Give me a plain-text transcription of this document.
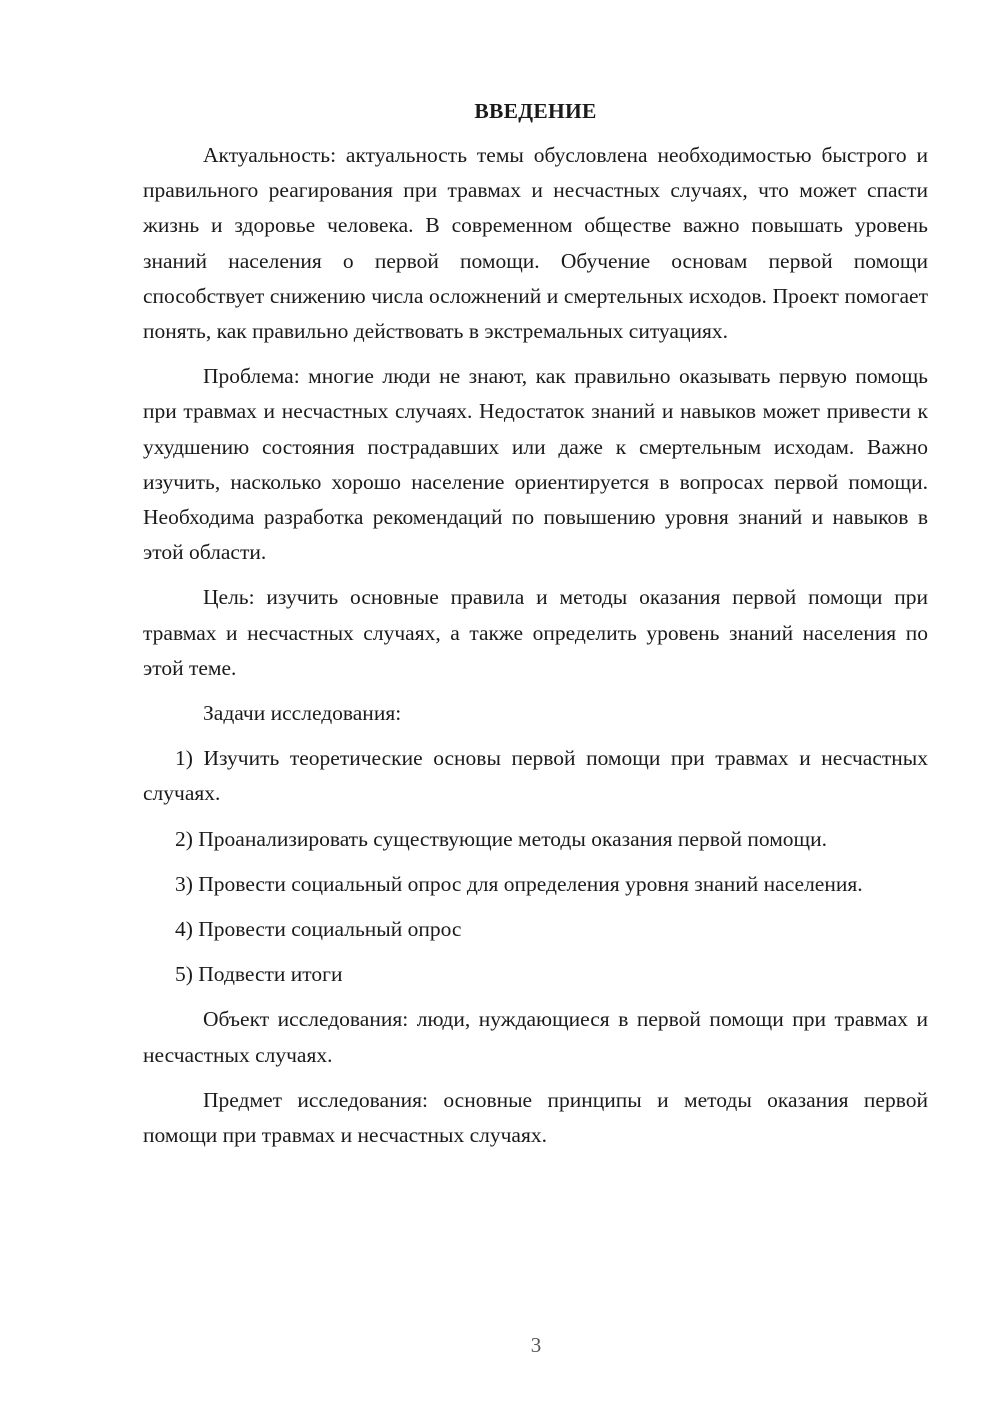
ВВЕДЕНИЕ

Актуальность: актуальность темы обусловлена необходимостью быстрого и правильного реагирования при травмах и несчастных случаях, что может спасти жизнь и здоровье человека. В современном обществе важно повышать уровень знаний населения о первой помощи. Обучение основам первой помощи способствует снижению числа осложнений и смертельных исходов. Проект помогает понять, как правильно действовать в экстремальных ситуациях.

Проблема: многие люди не знают, как правильно оказывать первую помощь при травмах и несчастных случаях. Недостаток знаний и навыков может привести к ухудшению состояния пострадавших или даже к смертельным исходам. Важно изучить, насколько хорошо население ориентируется в вопросах первой помощи. Необходима разработка рекомендаций по повышению уровня знаний и навыков в этой области.

Цель: изучить основные правила и методы оказания первой помощи при травмах и несчастных случаях, а также определить уровень знаний населения по этой теме.

Задачи исследования:

1) Изучить теоретические основы первой помощи при травмах и несчастных случаях.

2) Проанализировать существующие методы оказания первой помощи.

3) Провести социальный опрос для определения уровня знаний населения.

4) Провести социальный опрос

5) Подвести итоги

Объект исследования: люди, нуждающиеся в первой помощи при травмах и несчастных случаях.

Предмет исследования: основные принципы и методы оказания первой помощи при травмах и несчастных случаях.

3
